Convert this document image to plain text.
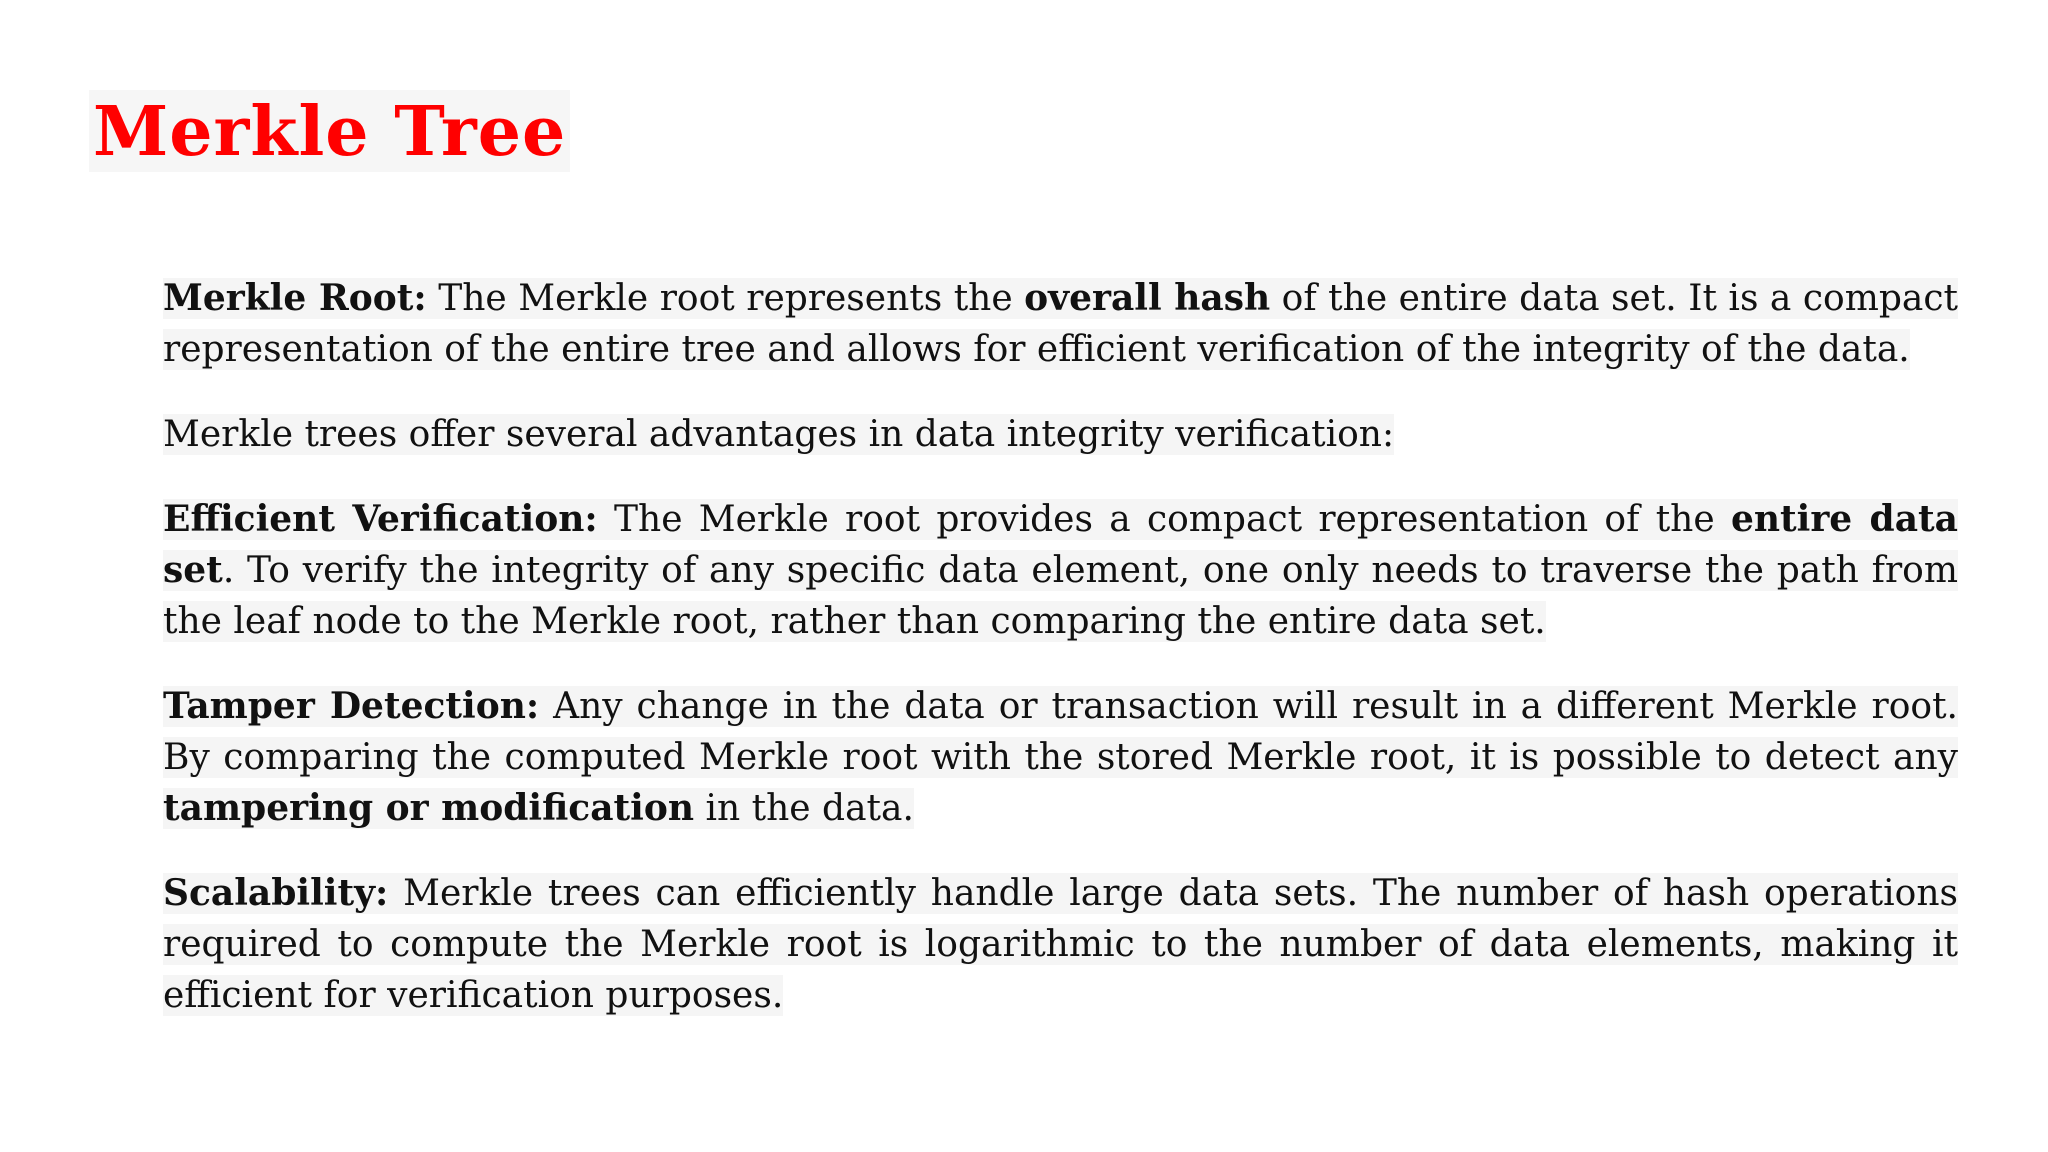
Merkle Tree

Merkle Root: The Merkle root represents the overall hash of the entire data set. It is a compact representation of the entire tree and allows for efficient verification of the integrity of the data.

Merkle trees offer several advantages in data integrity verification:

Efficient Verification: The Merkle root provides a compact representation of the entire data set. To verify the integrity of any specific data element, one only needs to traverse the path from the leaf node to the Merkle root, rather than comparing the entire data set.

Tamper Detection: Any change in the data or transaction will result in a different Merkle root. By comparing the computed Merkle root with the stored Merkle root, it is possible to detect any tampering or modification in the data.

Scalability: Merkle trees can efficiently handle large data sets. The number of hash operations required to compute the Merkle root is logarithmic to the number of data elements, making it efficient for verification purposes.
